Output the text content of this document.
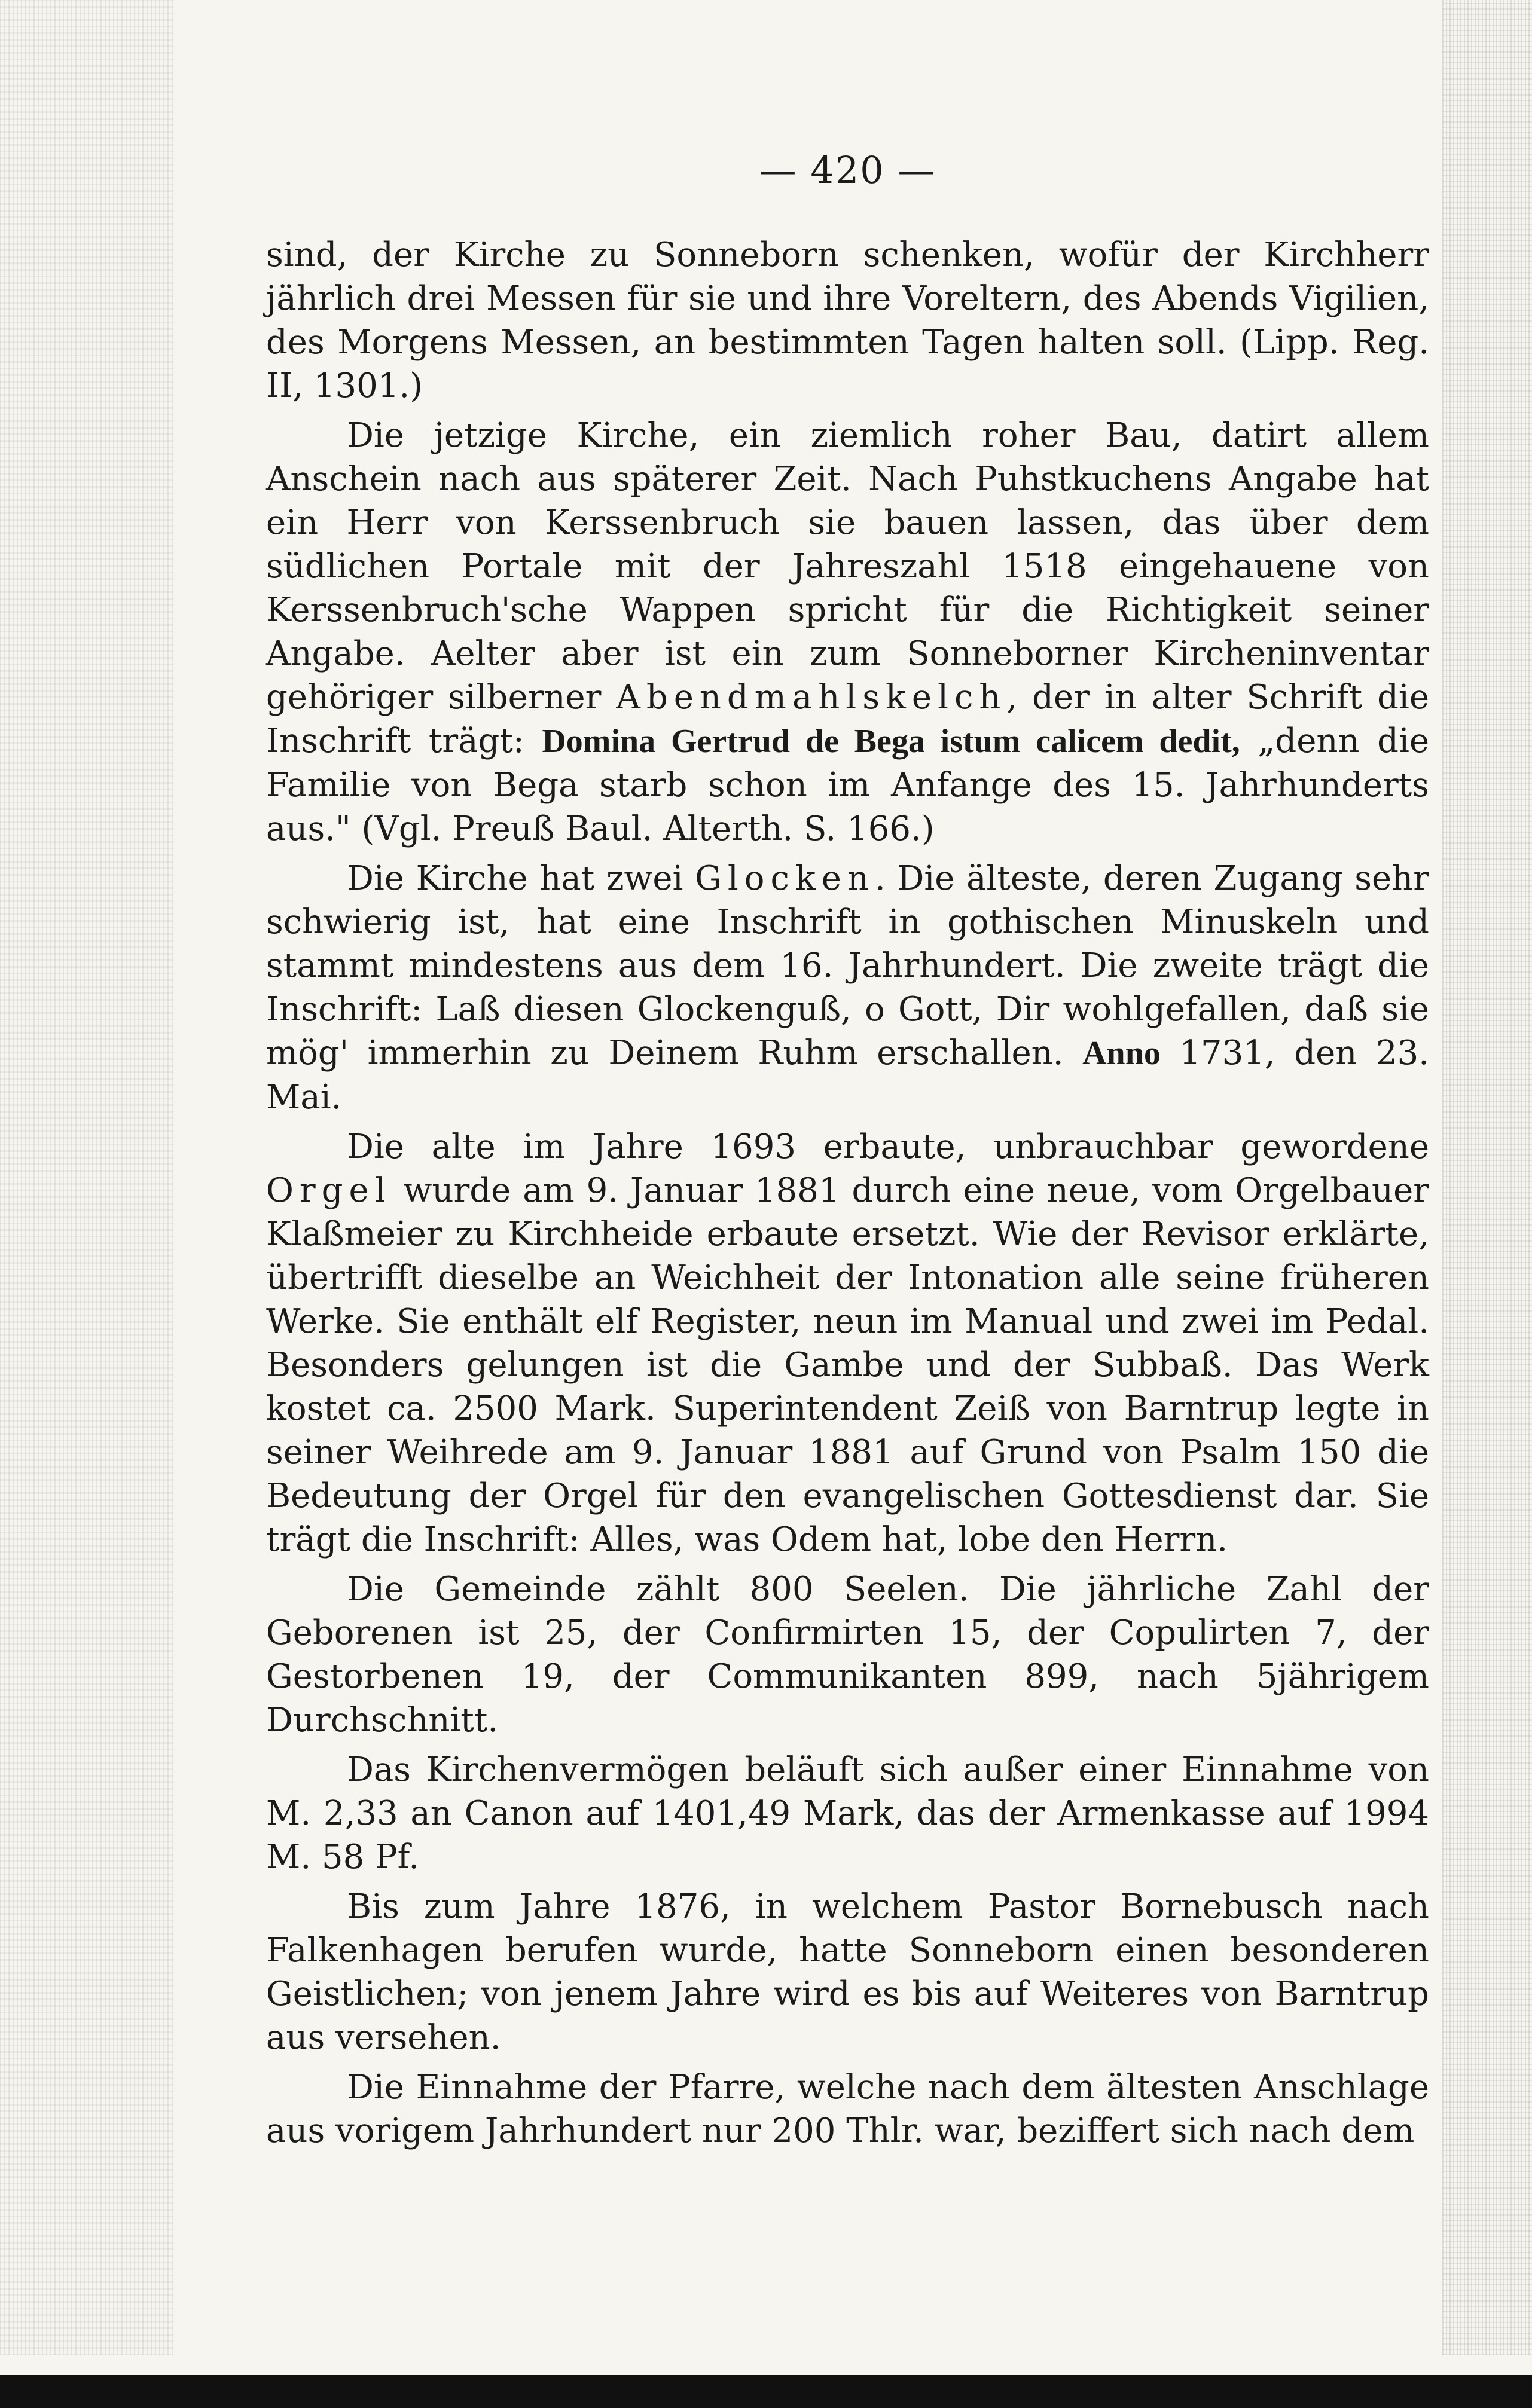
— 420 —

sind, der Kirche zu Sonneborn schenken, wofür der Kirchherr jährlich drei Messen für sie und ihre Voreltern, des Abends Vigilien, des Morgens Messen, an bestimmten Tagen halten soll. (Lipp. Reg. II, 1301.)

Die jetzige Kirche, ein ziemlich roher Bau, datirt allem Anschein nach aus späterer Zeit. Nach Puhstkuchens Angabe hat ein Herr von Kerssenbruch sie bauen lassen, das über dem südlichen Portale mit der Jahreszahl 1518 eingehauene von Kerssenbruch'sche Wappen spricht für die Richtigkeit seiner Angabe. Aelter aber ist ein zum Sonneborner Kircheninventar gehöriger silberner Abendmahlskelch, der in alter Schrift die Inschrift trägt: Domina Gertrud de Bega istum calicem dedit, „denn die Familie von Bega starb schon im Anfange des 15. Jahrhunderts aus." (Vgl. Preuß Baul. Alterth. S. 166.)

Die Kirche hat zwei Glocken. Die älteste, deren Zugang sehr schwierig ist, hat eine Inschrift in gothischen Minuskeln und stammt mindestens aus dem 16. Jahrhundert. Die zweite trägt die Inschrift: Laß diesen Glockenguß, o Gott, Dir wohlgefallen, daß sie mög' immerhin zu Deinem Ruhm erschallen. Anno 1731, den 23. Mai.

Die alte im Jahre 1693 erbaute, unbrauchbar gewordene Orgel wurde am 9. Januar 1881 durch eine neue, vom Orgelbauer Klaßmeier zu Kirchheide erbaute ersetzt. Wie der Revisor erklärte, übertrifft dieselbe an Weichheit der Intonation alle seine früheren Werke. Sie enthält elf Register, neun im Manual und zwei im Pedal. Besonders gelungen ist die Gambe und der Subbaß. Das Werk kostet ca. 2500 Mark. Superintendent Zeiß von Barntrup legte in seiner Weihrede am 9. Januar 1881 auf Grund von Psalm 150 die Bedeutung der Orgel für den evangelischen Gottesdienst dar. Sie trägt die Inschrift: Alles, was Odem hat, lobe den Herrn.

Die Gemeinde zählt 800 Seelen. Die jährliche Zahl der Geborenen ist 25, der Confirmirten 15, der Copulirten 7, der Gestorbenen 19, der Communikanten 899, nach 5jährigem Durchschnitt.

Das Kirchenvermögen beläuft sich außer einer Einnahme von M. 2,33 an Canon auf 1401,49 Mark, das der Armenkasse auf 1994 M. 58 Pf.

Bis zum Jahre 1876, in welchem Pastor Bornebusch nach Falkenhagen berufen wurde, hatte Sonneborn einen besonderen Geistlichen; von jenem Jahre wird es bis auf Weiteres von Barntrup aus versehen.

Die Einnahme der Pfarre, welche nach dem ältesten Anschlage aus vorigem Jahrhundert nur 200 Thlr. war, beziffert sich nach dem
